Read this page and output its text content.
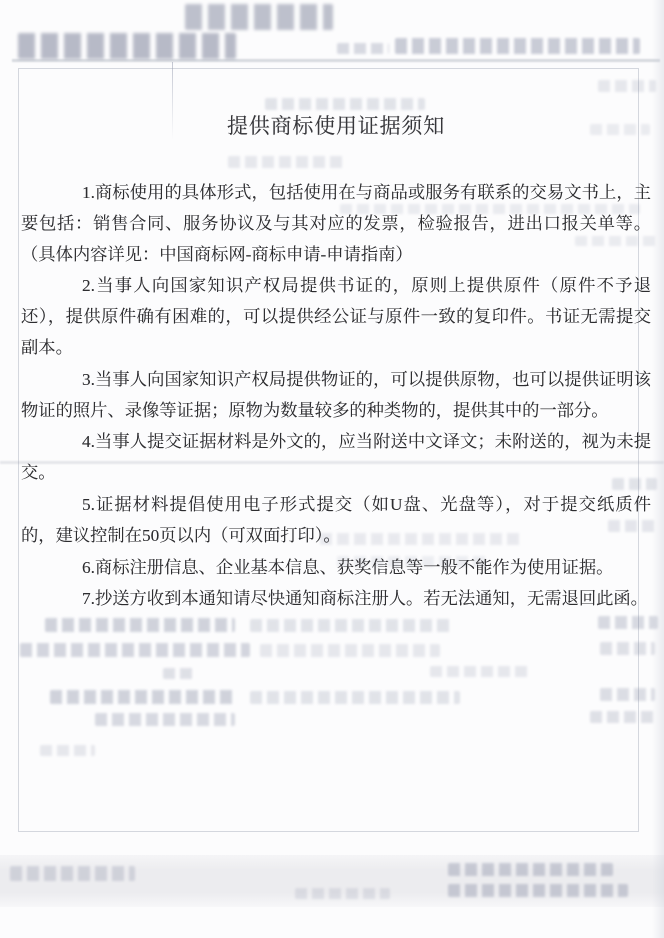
提供商标使用证据须知

1.商标使用的具体形式，包括使用在与商品或服务有联系的交易文书上，主要包括：销售合同、服务协议及与其对应的发票，检验报告，进出口报关单等。（具体内容详见：中国商标网-商标申请-申请指南）

2.当事人向国家知识产权局提供书证的，原则上提供原件（原件不予退还），提供原件确有困难的，可以提供经公证与原件一致的复印件。书证无需提交副本。

3.当事人向国家知识产权局提供物证的，可以提供原物，也可以提供证明该物证的照片、录像等证据；原物为数量较多的种类物的，提供其中的一部分。

4.当事人提交证据材料是外文的，应当附送中文译文；未附送的，视为未提交。

5.证据材料提倡使用电子形式提交（如U盘、光盘等），对于提交纸质件的，建议控制在50页以内（可双面打印）。

6.商标注册信息、企业基本信息、获奖信息等一般不能作为使用证据。

7.抄送方收到本通知请尽快通知商标注册人。若无法通知，无需退回此函。
